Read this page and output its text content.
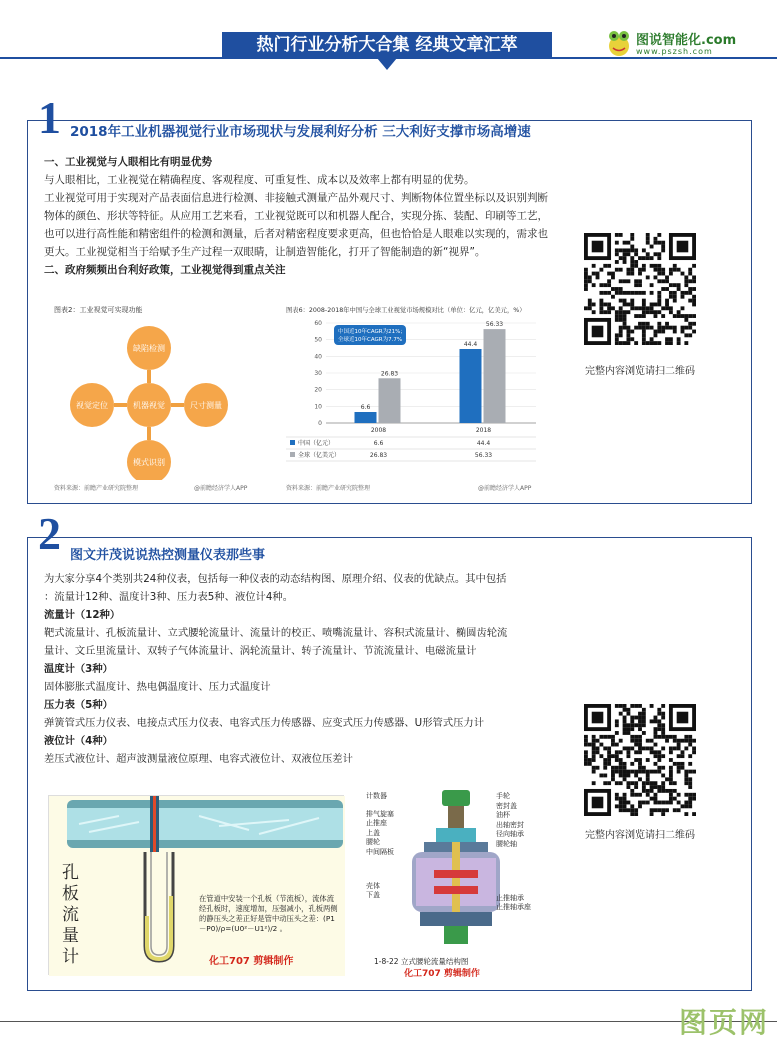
热门行业分析大合集 经典文章汇萃	图说智能化.com
www.pszsh.com
1 2018年工业机器视觉行业市场现状与发展利好分析 三大利好支撑市场高增速

一、工业视觉与人眼相比有明显优势

与人眼相比，工业视觉在精确程度、客观程度、可重复性、成本以及效率上都有明显的优势。

工业视觉可用于实现对产品表面信息进行检测、非接触式测量产品外观尺寸、判断物体位置坐标以及识别判断物体的颜色、形状等特征。从应用工艺来看，工业视觉既可以和机器人配合，实现分拣、装配、印刷等工艺，也可以进行高性能和精密组件的检测和测量，后者对精密程度要求更高，但也恰恰是人眼难以实现的，需求也更大。工业视觉相当于给赋予生产过程一双眼睛，让制造智能化，打开了智能制造的新“视界”。

二、政府频频出台利好政策，工业视觉得到重点关注

图表2：工业视觉可实现功能
缺陷检测
尺寸测量
模式识别
视觉定位	机器视觉
资料来源：前瞻产业研究院整理	@前瞻经济学人APP
图表6：2008-2018年中国与全球工业视觉市场规模对比（单位：亿元，亿美元，%）
0
10
20
30
40
50
60
6.6
26.83
2008
44.4
56.33
2018
中国近10年CAGR为21%；
全球近10年CAGR为7.7%
中国（亿元）	6.6	44.4
全球（亿美元）	26.83	56.33
资料来源：前瞻产业研究院整理	@前瞻经济学人APP
完整内容浏览请扫二维码
2 图文并茂说说热控测量仪表那些事

为大家分享4个类别共24种仪表，包括每一种仪表的动态结构图、原理介绍、仪表的优缺点。其中包括

：流量计12种、温度计3种、压力表5种、液位计4种。

流量计（12种）

靶式流量计、孔板流量计、立式腰轮流量计、流量计的校正、喷嘴流量计、容积式流量计、椭圆齿轮流

量计、文丘里流量计、双转子气体流量计、涡轮流量计、转子流量计、节流流量计、电磁流量计

温度计（3种）

固体膨胀式温度计、热电偶温度计、压力式温度计

压力表（5种）

弹簧管式压力仪表、电接点式压力仪表、电容式压力传感器、应变式压力传感器、U形管式压力计

液位计（4种）

差压式液位计、超声波测量液位原理、电容式液位计、双液位压差计

孔
板
流
量
计
在管道中安装一个孔板（节流板），流体流经孔板时，速度增加，压强减小，孔板两侧的静压头之差正好是管中动压头之差：(P1－P0)/ρ=(U0²－U1²)/2 。
化工707 剪辑制作
计数器
排气旋塞
止推座
上盖
腰轮
中间隔板
壳体
下盖
手轮
密封盖
油杯
出轴密封
径向轴承
腰轮轴
止推轴承
止推轴承座
1-8-22 立式腰轮流量结构图
化工707 剪辑制作
完整内容浏览请扫二维码
图页网
